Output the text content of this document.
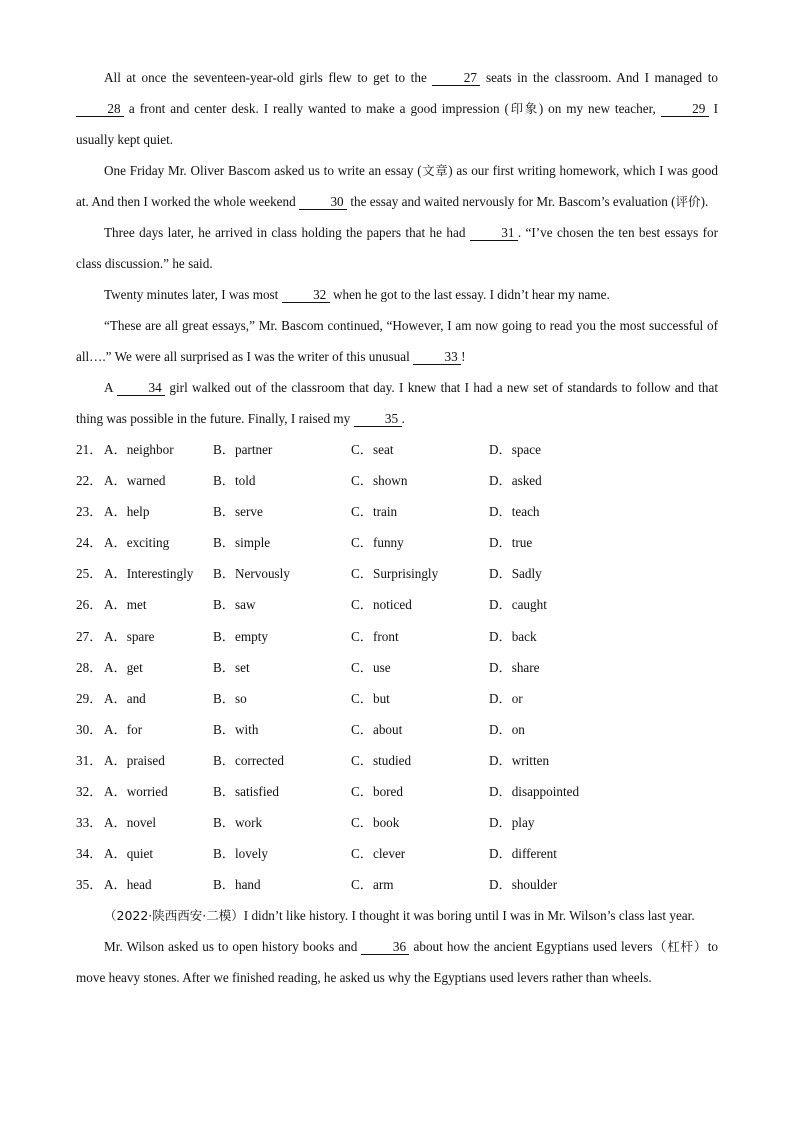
All at once the seventeen-year-old girls flew to get to the 27 seats in the classroom. And I managed to 28 a front and center desk. I really wanted to make a good impression (印象) on my new teacher, 29 I usually kept quiet.

One Friday Mr. Oliver Bascom asked us to write an essay (文章) as our first writing homework, which I was good at. And then I worked the whole weekend 30 the essay and waited nervously for Mr. Bascom’s evaluation (评价).

Three days later, he arrived in class holding the papers that he had 31 . “I’ve chosen the ten best essays for class discussion.” he said.

Twenty minutes later, I was most 32 when he got to the last essay. I didn’t hear my name.

“These are all great essays,” Mr. Bascom continued, “However, I am now going to read you the most successful of all….” We were all surprised as I was the writer of this unusual 33 !

A 34 girl walked out of the classroom that day. I knew that I had a new set of standards to follow and that thing was possible in the future. Finally, I raised my 35 .

21． A．neighbor	B．partner	C．seat	D．space
22． A．warned	B．told	C．shown	D．asked
23． A．help	B．serve	C．train	D．teach
24． A．exciting	B．simple	C．funny	D．true
25． A．Interestingly	B．Nervously	C．Surprisingly	D．Sadly
26． A．met	B．saw	C．noticed	D．caught
27． A．spare	B．empty	C．front	D．back
28． A．get	B．set	C．use	D．share
29． A．and	B．so	C．but	D．or
30． A．for	B．with	C．about	D．on
31． A．praised	B．corrected	C．studied	D．written
32． A．worried	B．satisfied	C．bored	D．disappointed
33． A．novel	B．work	C．book	D．play
34． A．quiet	B．lovely	C．clever	D．different
35． A．head	B．hand	C．arm	D．shoulder

（2022·陕西西安·二模）I didn’t like history. I thought it was boring until I was in Mr. Wilson’s class last year.

Mr. Wilson asked us to open history books and 36 about how the ancient Egyptians used levers（杠杆）to move heavy stones. After we finished reading, he asked us why the Egyptians used levers rather than wheels.
